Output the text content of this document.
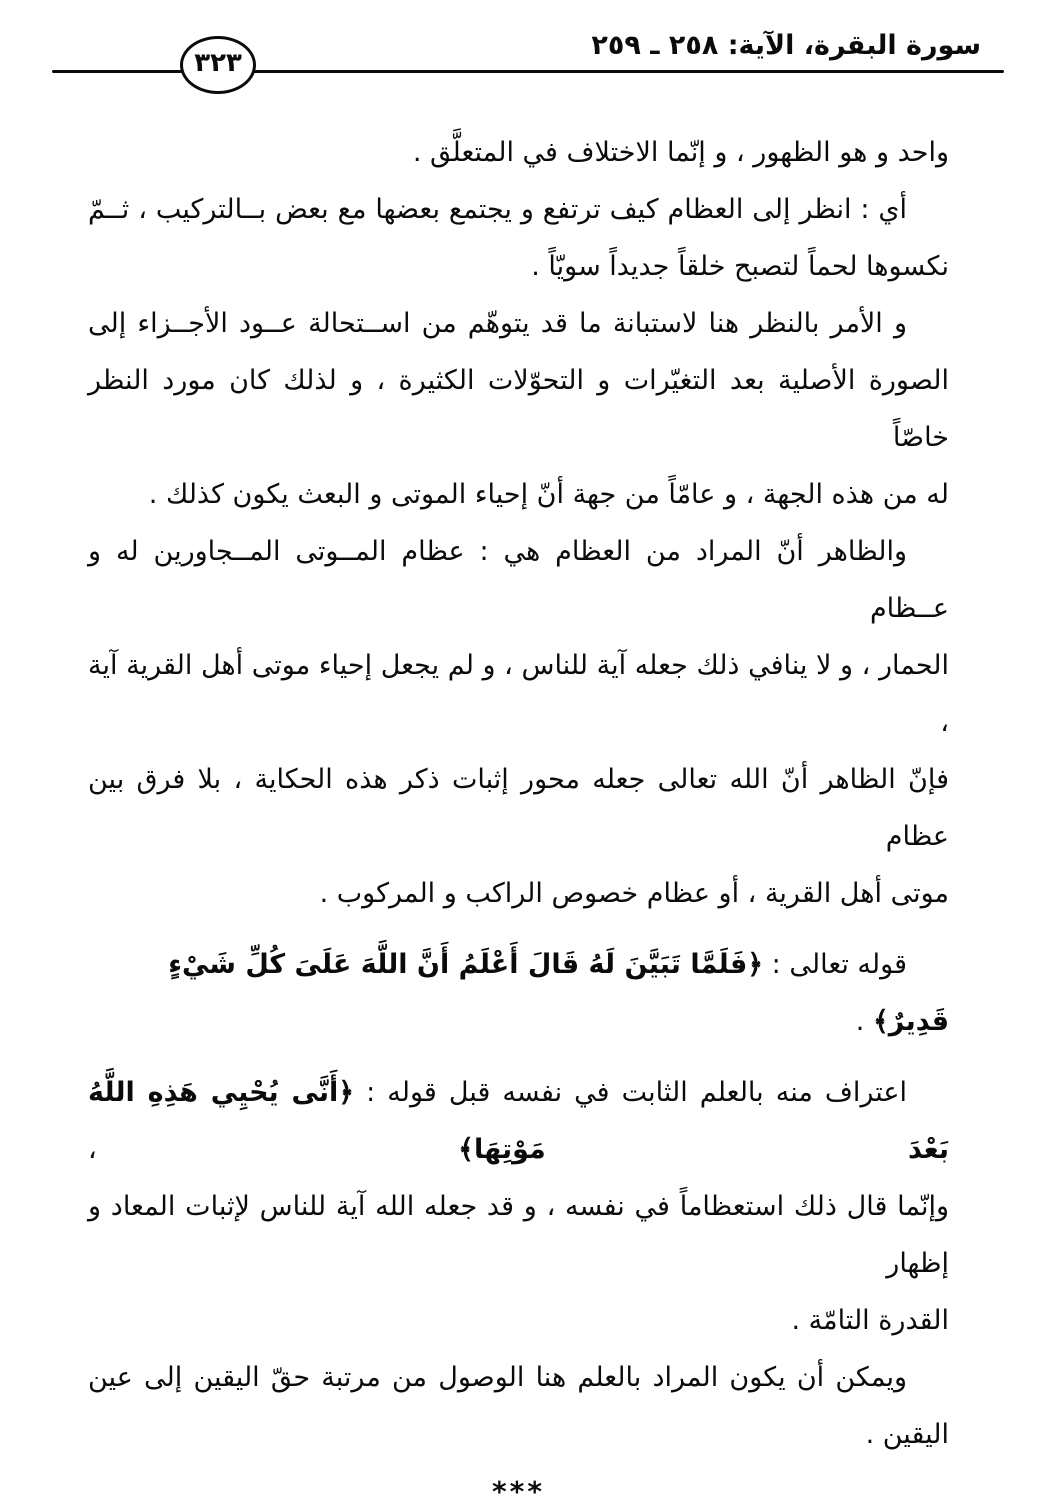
سورة البقرة، الآية: ٢٥٨ ـ ٢٥٩
٣٢٣
واحد و هو الظهور ، و إنّما الاختلاف في المتعلَّق .
أي : انظر إلى العظام كيف ترتفع و يجتمع بعضها مع بعض بــالتركيب ، ثــمّ
نكسوها لحماً لتصبح خلقاً جديداً سويّاً .
و الأمر بالنظر هنا لاستبانة ما قد يتوهّم من اســتحالة عــود الأجــزاء إلى
الصورة الأصلية بعد التغيّرات و التحوّلات الكثيرة ، و لذلك كان مورد النظر خاصّاً
له من هذه الجهة ، و عامّاً من جهة أنّ إحياء الموتى و البعث يكون كذلك .
والظاهر أنّ المراد من العظام هي : عظام المــوتى المــجاورين له و عــظام
الحمار ، و لا ينافي ذلك جعله آية للناس ، و لم يجعل إحياء موتى أهل القرية آية ،
فإنّ الظاهر أنّ الله تعالى جعله محور إثبات ذكر هذه الحكاية ، بلا فرق بين عظام
موتى أهل القرية ، أو عظام خصوص الراكب و المركوب .
قوله تعالى : ﴿فَلَمَّا تَبَيَّنَ لَهُ قَالَ أَعْلَمُ أَنَّ اللَّهَ عَلَىَ كُلِّ شَيْءٍ قَدِيرٌ﴾ .
اعتراف منه بالعلم الثابت في نفسه قبل قوله : ﴿أَنَّى يُحْيِي هَذِهِ اللَّهُ بَعْدَ مَوْتِهَا﴾ ،
وإنّما قال ذلك استعظاماً في نفسه ، و قد جعله الله آية للناس لإثبات المعاد و إظهار
القدرة التامّة .
ويمكن أن يكون المراد بالعلم هنا الوصول من مرتبة حقّ اليقين إلى عين
اليقين .
***
